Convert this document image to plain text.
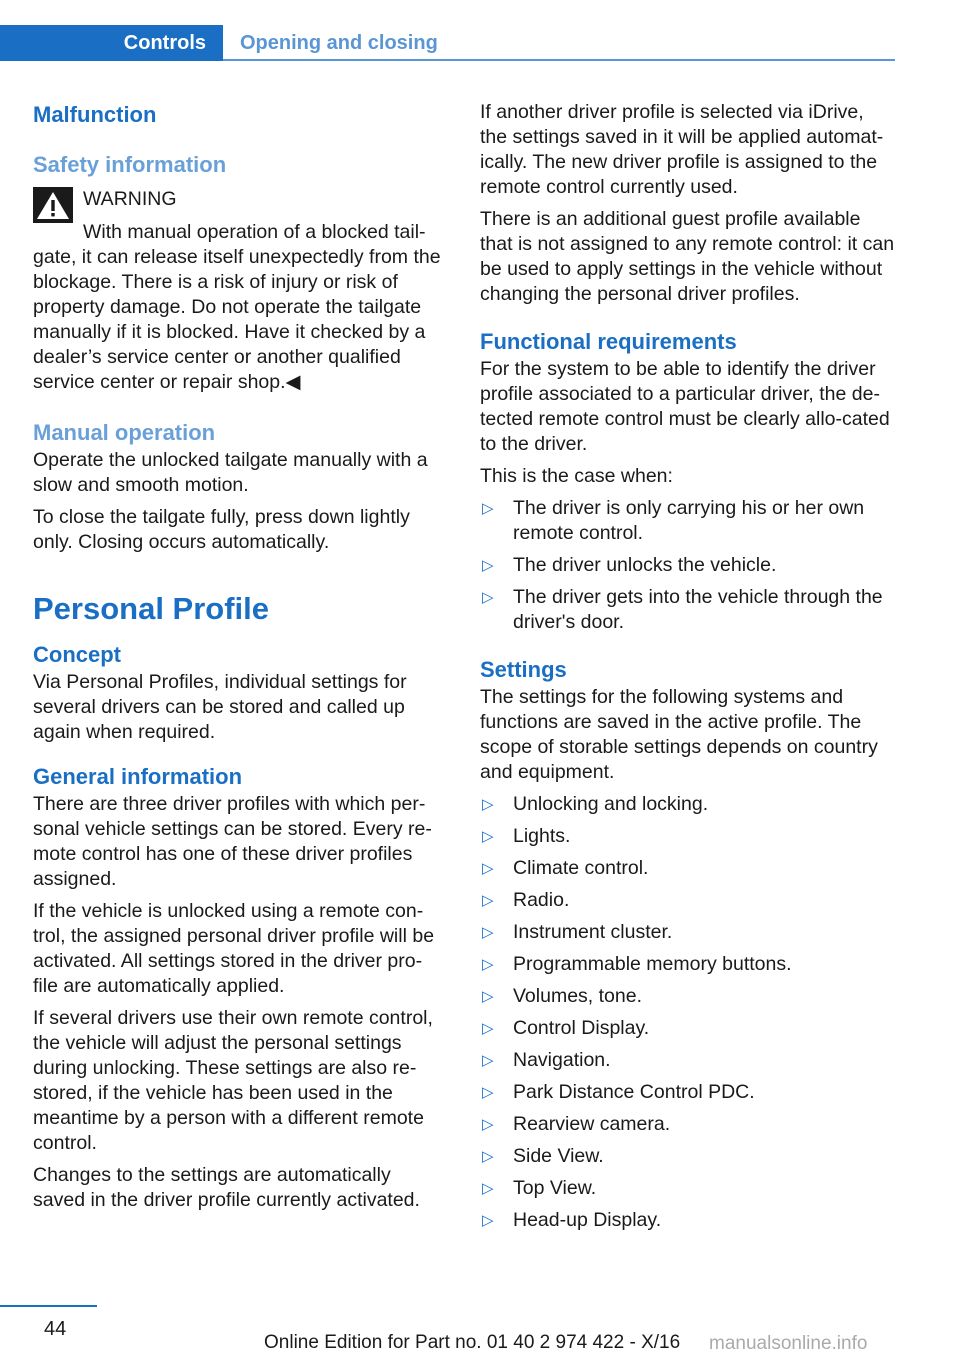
Controls	Opening and closing
Malfunction
Safety information
WARNING
With manual operation of a blocked tail-

gate, it can release itself unexpectedly from the blockage. There is a risk of injury or risk of property damage. Do not operate the tailgate manually if it is blocked. Have it checked by a dealer’s service center or another qualified service center or repair shop.◀

Manual operation

Operate the unlocked tailgate manually with a slow and smooth motion.

To close the tailgate fully, press down lightly only. Closing occurs automatically.

Personal Profile
Concept

Via Personal Profiles, individual settings for several drivers can be stored and called up again when required.

General information

There are three driver profiles with which per-sonal vehicle settings can be stored. Every re-mote control has one of these driver profiles assigned.

If the vehicle is unlocked using a remote con-trol, the assigned personal driver profile will be activated. All settings stored in the driver pro-file are automatically applied.

If several drivers use their own remote control, the vehicle will adjust the personal settings during unlocking. These settings are also re-stored, if the vehicle has been used in the meantime by a person with a different remote control.

Changes to the settings are automatically saved in the driver profile currently activated.

If another driver profile is selected via iDrive, the settings saved in it will be applied automat-ically. The new driver profile is assigned to the remote control currently used.

There is an additional guest profile available that is not assigned to any remote control: it can be used to apply settings in the vehicle without changing the personal driver profiles.

Functional requirements

For the system to be able to identify the driver profile associated to a particular driver, the de-tected remote control must be clearly allo-cated to the driver.

This is the case when:

▷ The driver is only carrying his or her own remote control.
▷ The driver unlocks the vehicle.
▷ The driver gets into the vehicle through the driver's door.
Settings

The settings for the following systems and functions are saved in the active profile. The scope of storable settings depends on country and equipment.

▷ Unlocking and locking.
▷ Lights.
▷ Climate control.
▷ Radio.
▷ Instrument cluster.
▷ Programmable memory buttons.
▷ Volumes, tone.
▷ Control Display.
▷ Navigation.
▷ Park Distance Control PDC.
▷ Rearview camera.
▷ Side View.
▷ Top View.
▷ Head-up Display.
44
Online Edition for Part no. 01 40 2 974 422 - X/16 manualsonline.info
